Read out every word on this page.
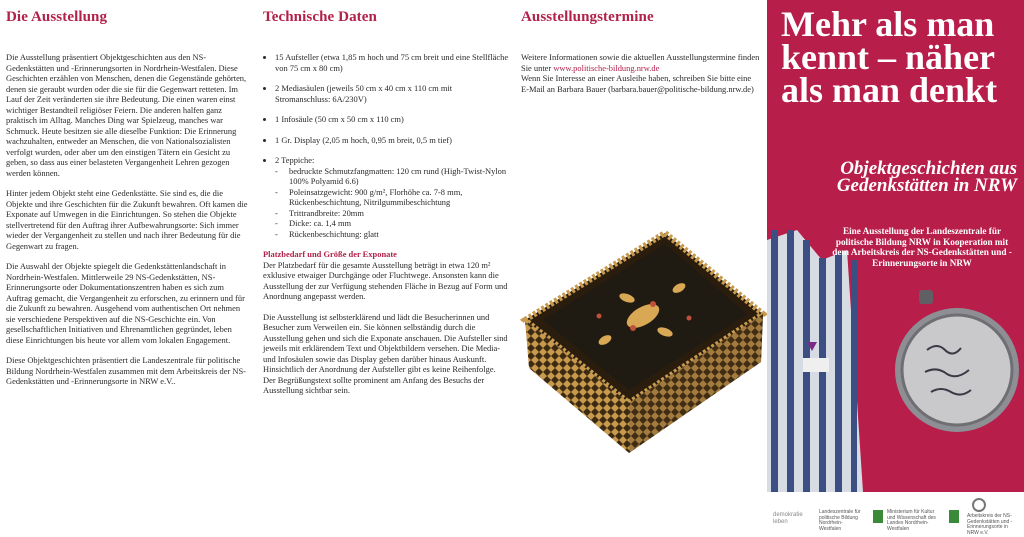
Die Ausstellung

Die Ausstellung präsentiert Objektgeschichten aus den NS-Gedenkstätten und -Erinnerungsorten in Nordrhein-Westfalen. Diese Geschichten erzählen von Menschen, denen die Gegenstände gehörten, denen sie geraubt wurden oder die sie für die Gegenwart retteten. Im Lauf der Zeit veränderten sie ihre Bedeutung. Die einen waren einst wichtiger Bestandteil religiöser Feiern. Die anderen halfen ganz praktisch im Alltag. Manches Ding war Spielzeug, manches war Schmuck. Heute besitzen sie alle dieselbe Funktion: Die Erinnerung wachzuhalten, entweder an Menschen, die von Nationalsozialisten verfolgt wurden, oder aber um den einstigen Tätern ein Gesicht zu geben, so dass aus einer belasteten Vergangenheit Lehren gezogen werden können.

Hinter jedem Objekt steht eine Gedenkstätte. Sie sind es, die die Objekte und ihre Geschichten für die Zukunft bewahren. Oft kamen die Exponate auf Umwegen in die Einrichtungen. So stehen die Objekte stellvertretend für den Auftrag ihrer Aufbewahrungsorte: Sich immer wieder der Vergangenheit zu stellen und nach ihrer Bedeutung für die Gegenwart zu fragen.

Die Auswahl der Objekte spiegelt die Gedenkstättenlandschaft in Nordrhein-Westfalen. Mittlerweile 29 NS-Gedenkstätten, NS-Erinnerungsorte oder Dokumentationszentren haben es sich zum Auftrag gemacht, die Vergangenheit zu erforschen, zu erinnern und für die Zukunft zu bewahren. Ausgehend vom authentischen Ort nehmen sie verschiedene Perspektiven auf die NS-Geschichte ein. Von gesellschaftlichen Initiativen und Ehrenamtlichen gegründet, leben diese Einrichtungen bis heute vor allem vom lokalen Engagement.

Diese Objektgeschichten präsentiert die Landeszentrale für politische Bildung Nordrhein-Westfalen zusammen mit dem Arbeitskreis der NS-Gedenkstätten und -Erinnerungsorte in NRW e.V..

Technische Daten
• 15 Aufsteller (etwa 1,85 m hoch und 75 cm breit und eine Stellfläche von 75 cm x 80 cm)
• 2 Mediasäulen (jeweils 50 cm x 40 cm x 110 cm mit Stromanschluss: 6A/230V)
• 1 Infosäule (50 cm x 50 cm x 110 cm)
• 1 Gr. Display (2,05 m hoch, 0,95 m breit, 0,5 m tief)
• 2 Teppiche:
- bedruckte Schmutzfangmatten: 120 cm rund (High-Twist-Nylon 100% Polyamid 6.6)
- Poleinsatzgewicht: 900 g/m², Florhöhe ca. 7-8 mm, Rückenbeschichtung, Nitrilgummibeschichtung
- Trittrandbreite: 20mm
- Dicke: ca. 1,4 mm
- Rückenbeschichtung: glatt
Platzbedarf und Größe der Exponate

Der Platzbedarf für die gesamte Ausstellung beträgt in etwa 120 m² exklusive etwaiger Durchgänge oder Fluchtwege. Ansonsten kann die Ausstellung der zur Verfügung stehenden Fläche in Bezug auf Form und Anordnung angepasst werden.

Die Ausstellung ist selbsterklärend und lädt die Besucherinnen und Besucher zum Verweilen ein. Sie können selbständig durch die Ausstellung gehen und sich die Exponate anschauen. Die Aufsteller sind jeweils mit erklärendem Text und Objektbildern versehen. Die Media- und Infosäulen sowie das Display geben darüber hinaus Auskunft. Hinsichtlich der Anordnung der Aufsteller gibt es keine Reihenfolge. Der Begrüßungstext sollte prominent am Anfang des Besuchs der Ausstellung sichtbar sein.

Ausstellungstermine

Weitere Informationen sowie die aktuellen Ausstellungstermine finden Sie unter www.politische-bildung.nrw.de
Wenn Sie Interesse an einer Ausleihe haben, schreiben Sie bitte eine E-Mail an Barbara Bauer (barbara.bauer@politische-bildung.nrw.de)

Mehr als man kennt – näher als man denkt
Objektgeschichten aus Gedenkstätten in NRW
Eine Ausstellung der Landeszentrale für politische Bildung NRW in Kooperation mit dem Arbeitskreis der NS-Gedenkstätten und -Erinnerungsorte in NRW
demokratie leben
Landeszentrale für politische Bildung Nordrhein-Westfalen
Ministerium für Kultur und Wissenschaft des Landes Nordrhein-Westfalen
Arbeitskreis der NS-Gedenkstätten und -Erinnerungsorte in NRW e.V.
